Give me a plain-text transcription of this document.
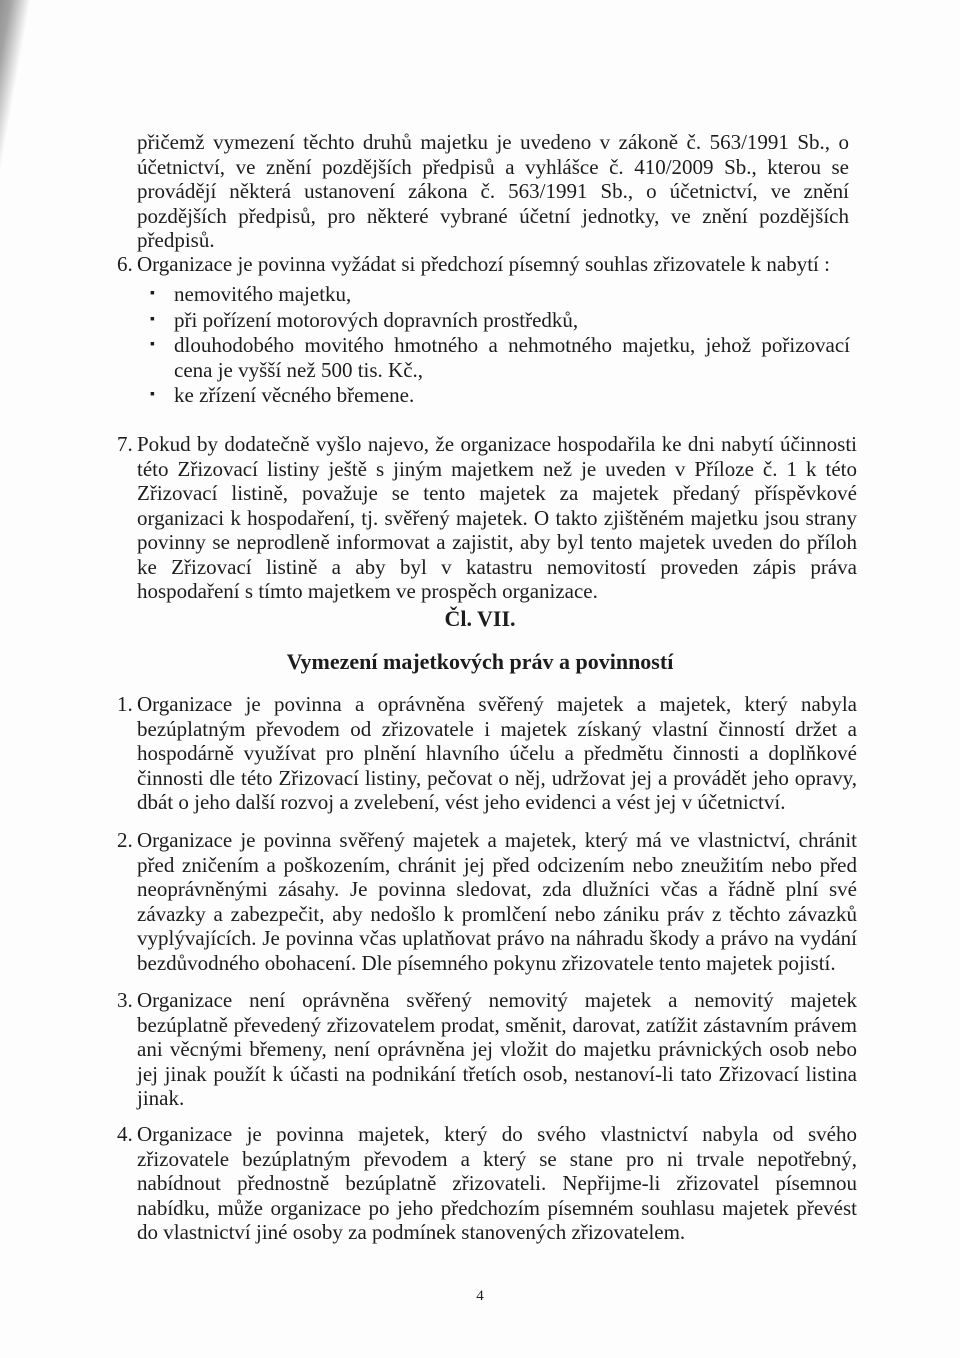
přičemž vymezení těchto druhů majetku je uvedeno v zákoně č. 563/1991 Sb., o účetnictví, ve znění pozdějších předpisů a vyhlášce č. 410/2009 Sb., kterou se provádějí některá ustanovení zákona č. 563/1991 Sb., o účetnictví, ve znění pozdějších předpisů, pro některé vybrané účetní jednotky, ve znění pozdějších předpisů.
6. Organizace je povinna vyžádat si předchozí písemný souhlas zřizovatele k nabytí :
▪ nemovitého majetku,
▪ při pořízení motorových dopravních prostředků,
▪ dlouhodobého movitého hmotného a nehmotného majetku, jehož pořizovací cena je vyšší než 500 tis. Kč.,
▪ ke zřízení věcného břemene.
7. Pokud by dodatečně vyšlo najevo, že organizace hospodařila ke dni nabytí účinnosti této Zřizovací listiny ještě s jiným majetkem než je uveden v Příloze č. 1 k této Zřizovací listině, považuje se tento majetek za majetek předaný příspěvkové organizaci k hospodaření, tj. svěřený majetek. O takto zjištěném majetku jsou strany povinny se neprodleně informovat a zajistit, aby byl tento majetek uveden do příloh ke Zřizovací listině a aby byl v katastru nemovitostí proveden zápis práva hospodaření s tímto majetkem ve prospěch organizace.
Čl. VII.
Vymezení majetkových práv a povinností
1. Organizace je povinna a oprávněna svěřený majetek a majetek, který nabyla bezúplatným převodem od zřizovatele i majetek získaný vlastní činností držet a hospodárně využívat pro plnění hlavního účelu a předmětu činnosti a doplňkové činnosti dle této Zřizovací listiny, pečovat o něj, udržovat jej a provádět jeho opravy, dbát o jeho další rozvoj a zvelebení, vést jeho evidenci a vést jej v účetnictví.
2. Organizace je povinna svěřený majetek a majetek, který má ve vlastnictví, chránit před zničením a poškozením, chránit jej před odcizením nebo zneužitím nebo před neoprávněnými zásahy. Je povinna sledovat, zda dlužníci včas a řádně plní své závazky a zabezpečit, aby nedošlo k promlčení nebo zániku práv z těchto závazků vyplývajících. Je povinna včas uplatňovat právo na náhradu škody a právo na vydání bezdůvodného obohacení. Dle písemného pokynu zřizovatele tento majetek pojistí.
3. Organizace není oprávněna svěřený nemovitý majetek a nemovitý majetek bezúplatně převedený zřizovatelem prodat, směnit, darovat, zatížit zástavním právem ani věcnými břemeny, není oprávněna jej vložit do majetku právnických osob nebo jej jinak použít k účasti na podnikání třetích osob, nestanoví-li tato Zřizovací listina jinak.
4. Organizace je povinna majetek, který do svého vlastnictví nabyla od svého zřizovatele bezúplatným převodem a který se stane pro ni trvale nepotřebný, nabídnout přednostně bezúplatně zřizovateli. Nepřijme-li zřizovatel písemnou nabídku, může organizace po jeho předchozím písemném souhlasu majetek převést do vlastnictví jiné osoby za podmínek stanovených zřizovatelem.
4
